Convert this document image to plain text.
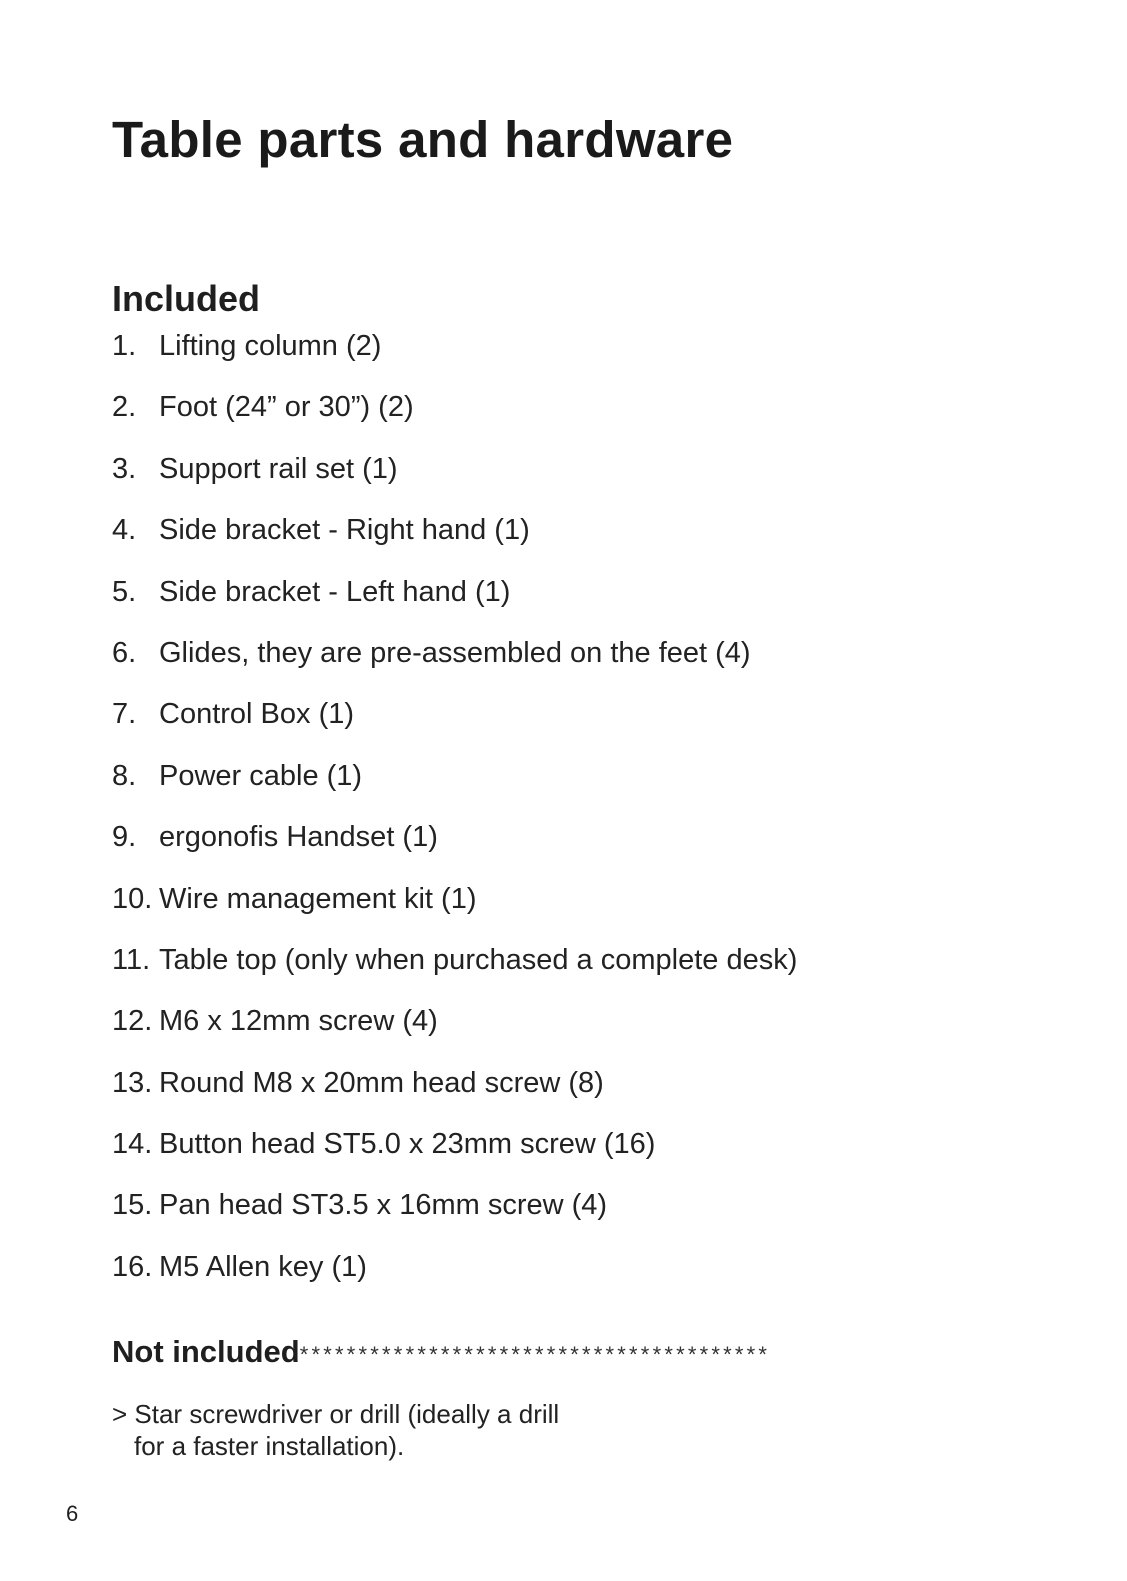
Table parts and hardware
Included
1. Lifting column (2)
2. Foot (24” or 30”) (2)
3. Support rail set (1)
4. Side bracket - Right hand (1)
5. Side bracket - Left hand (1)
6. Glides, they are pre-assembled on the feet (4)
7. Control Box (1)
8. Power cable (1)
9. ergonofis Handset (1)
10. Wire management kit (1)
11. Table top (only when purchased a complete desk)
12. M6 x 12mm screw (4)
13. Round M8 x 20mm head screw (8)
14. Button head ST5.0 x 23mm screw (16)
15. Pan head ST3.5 x 16mm screw (4)
16. M5 Allen key (1)
Not included ****************************************

> Star screwdriver or drill (ideally a drill
for a faster installation).

6
